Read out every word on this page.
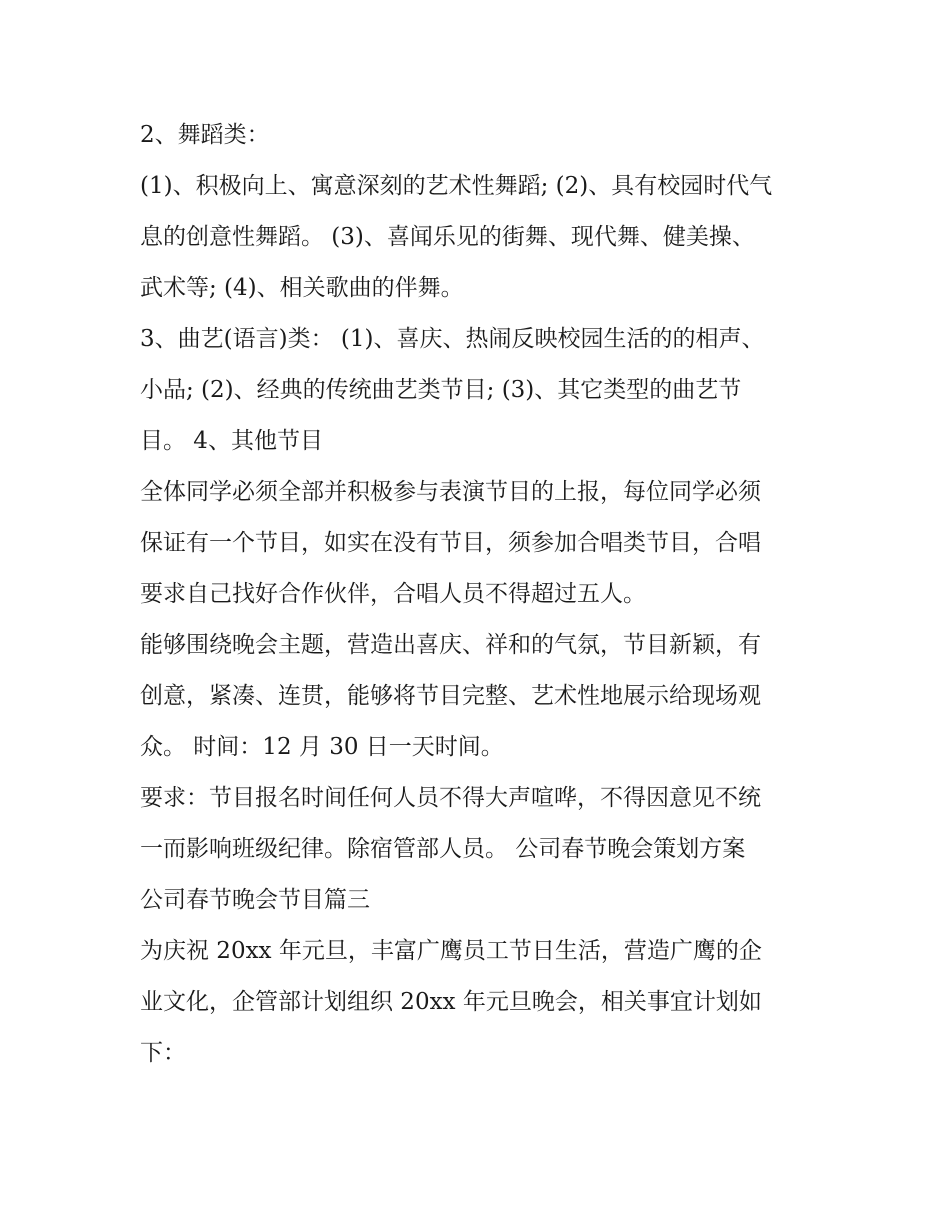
2、舞蹈类：
(1)、积极向上、寓意深刻的艺术性舞蹈; (2)、具有校园时代气
息的创意性舞蹈。 (3)、喜闻乐见的街舞、现代舞、健美操、
武术等; (4)、相关歌曲的伴舞。
3、曲艺(语言)类： (1)、喜庆、热闹反映校园生活的的相声、
小品; (2)、经典的传统曲艺类节目; (3)、其它类型的曲艺节
目。 4、其他节目
全体同学必须全部并积极参与表演节目的上报，每位同学必须
保证有一个节目，如实在没有节目，须参加合唱类节目，合唱
要求自己找好合作伙伴，合唱人员不得超过五人。
能够围绕晚会主题，营造出喜庆、祥和的气氛，节目新颖，有
创意，紧凑、连贯，能够将节目完整、艺术性地展示给现场观
众。 时间：12 月 30 日一天时间。
要求：节目报名时间任何人员不得大声喧哗，不得因意见不统
一而影响班级纪律。除宿管部人员。 公司春节晚会策划方案
公司春节晚会节目篇三
为庆祝 20xx 年元旦，丰富广鹰员工节日生活，营造广鹰的企
业文化，企管部计划组织 20xx 年元旦晚会，相关事宜计划如
下：
